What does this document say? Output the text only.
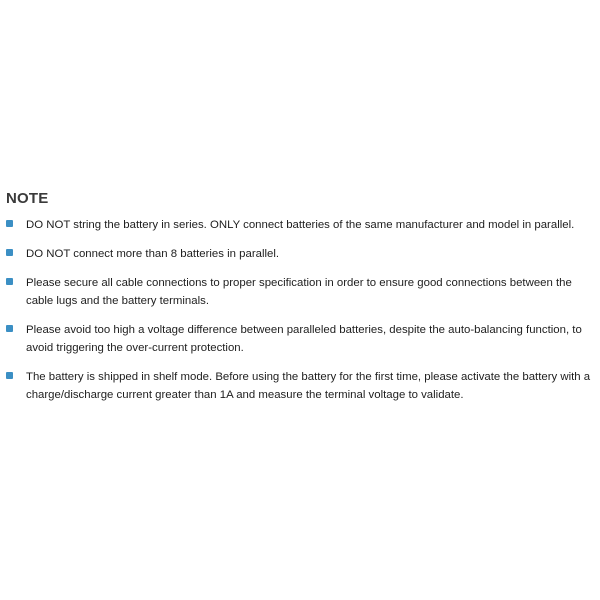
NOTE
DO NOT string the battery in series. ONLY connect batteries of the same manufacturer and model in parallel.
DO NOT connect more than 8 batteries in parallel.
Please secure all cable connections to proper specification in order to ensure good connections between the cable lugs and the battery terminals.
Please avoid too high a voltage difference between paralleled batteries, despite the auto-balancing function, to avoid triggering the over-current protection.
The battery is shipped in shelf mode. Before using the battery for the first time, please activate the battery with a charge/discharge current greater than 1A and measure the terminal voltage to validate.
